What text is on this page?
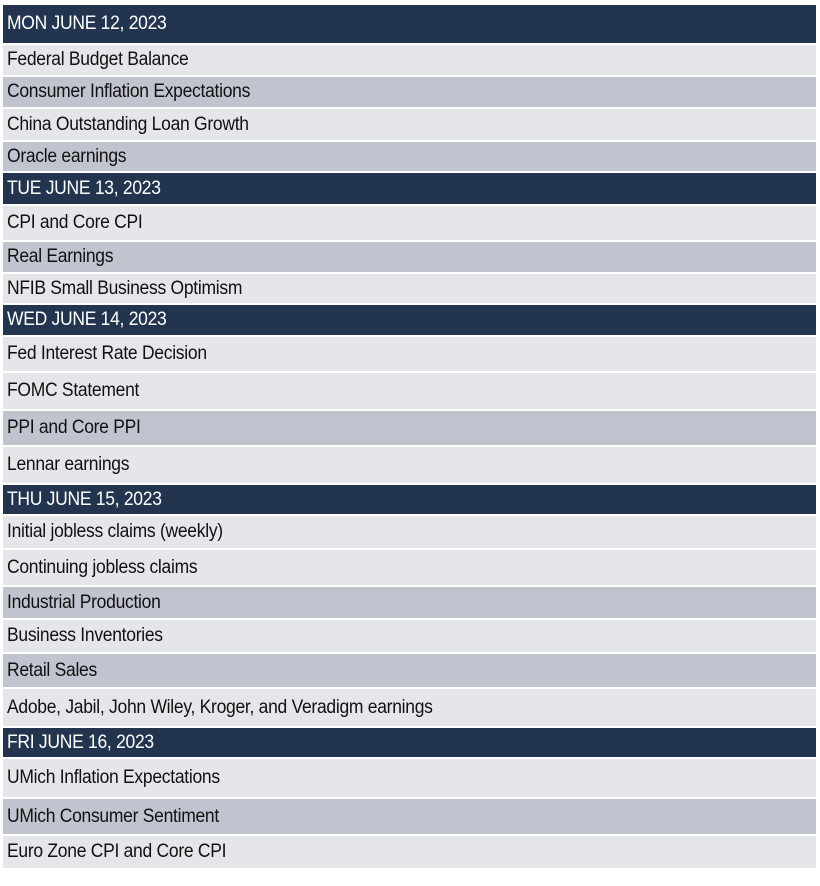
MON JUNE 12, 2023
Federal Budget Balance
Consumer Inflation Expectations
China Outstanding Loan Growth
Oracle earnings
TUE JUNE 13, 2023
CPI and Core CPI
Real Earnings
NFIB Small Business Optimism
WED JUNE 14, 2023
Fed Interest Rate Decision
FOMC Statement
PPI and Core PPI
Lennar earnings
THU JUNE 15, 2023
Initial jobless claims (weekly)
Continuing jobless claims
Industrial Production
Business Inventories
Retail Sales
Adobe, Jabil, John Wiley, Kroger, and Veradigm earnings
FRI JUNE 16, 2023
UMich Inflation Expectations
UMich Consumer Sentiment
Euro Zone CPI and Core CPI
